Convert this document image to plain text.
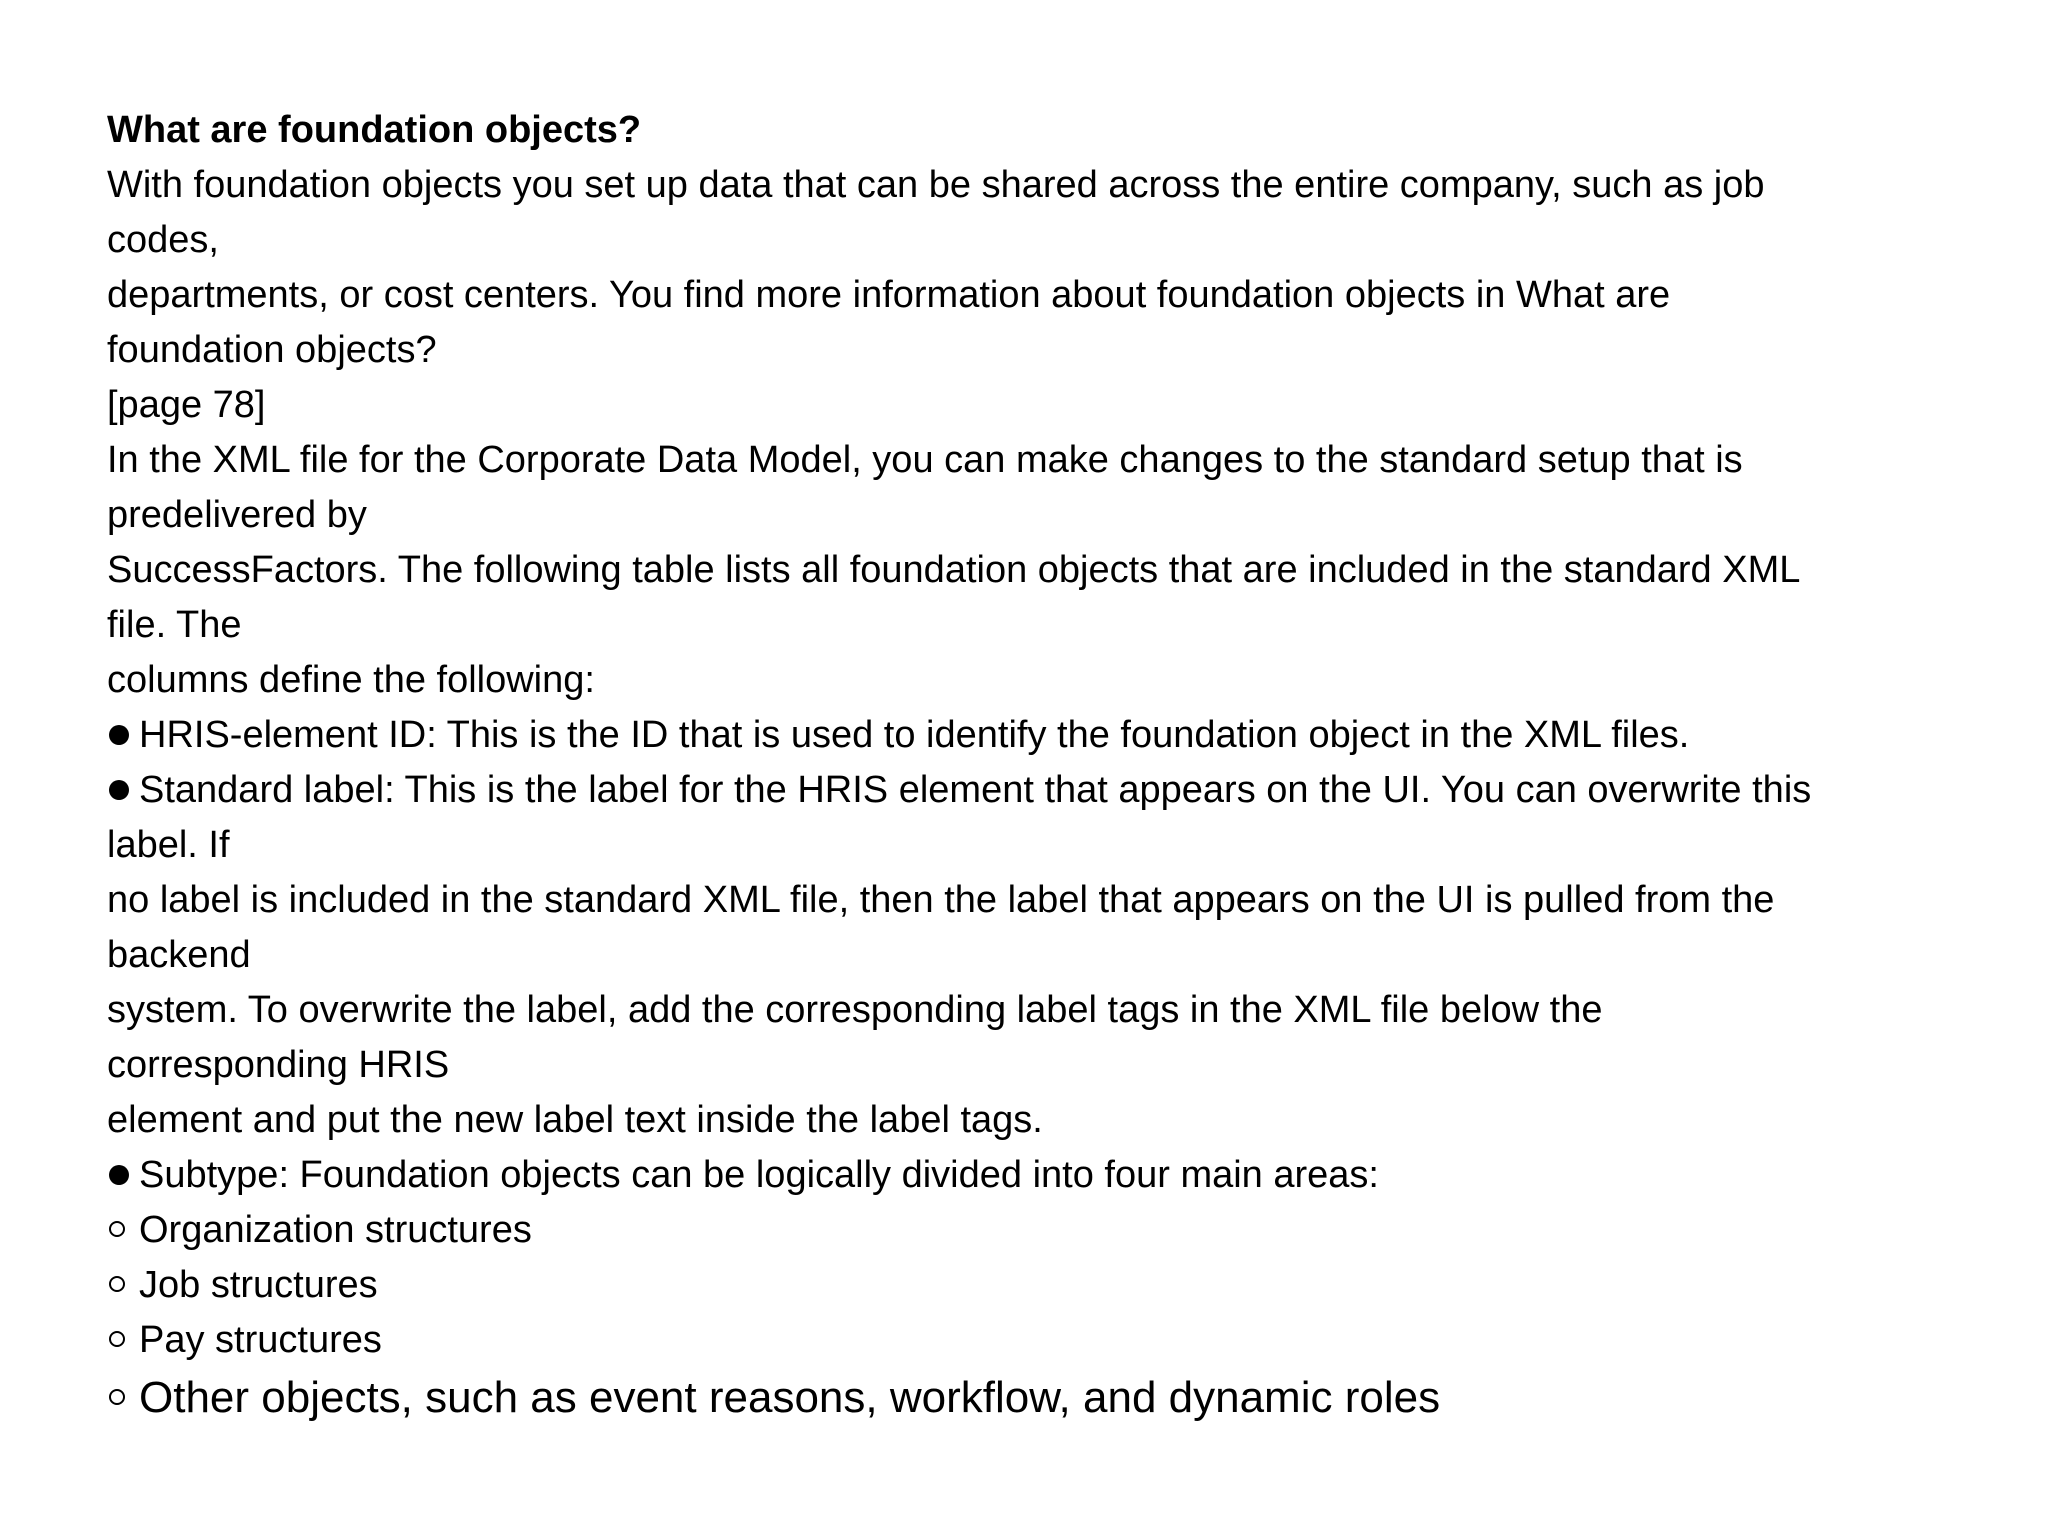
What are foundation objects?
With foundation objects you set up data that can be shared across the entire company, such as job
codes,
departments, or cost centers. You find more information about foundation objects in What are
foundation objects?
[page 78]
In the XML file for the Corporate Data Model, you can make changes to the standard setup that is
predelivered by
SuccessFactors. The following table lists all foundation objects that are included in the standard XML
file. The
columns define the following:
HRIS-element ID: This is the ID that is used to identify the foundation object in the XML files.
Standard label: This is the label for the HRIS element that appears on the UI. You can overwrite this
label. If
no label is included in the standard XML file, then the label that appears on the UI is pulled from the
backend
system. To overwrite the label, add the corresponding label tags in the XML file below the
corresponding HRIS
element and put the new label text inside the label tags.
Subtype: Foundation objects can be logically divided into four main areas:
Organization structures
Job structures
Pay structures
Other objects, such as event reasons, workflow, and dynamic roles
